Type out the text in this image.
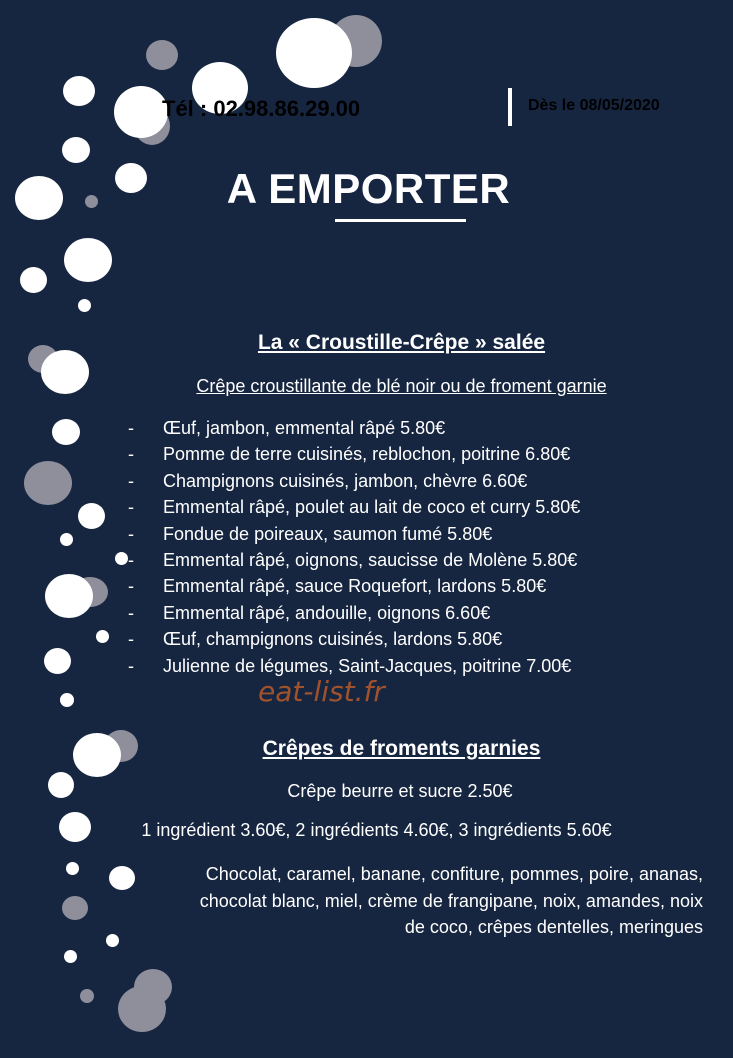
Tél : 02.98.86.29.00	Dès le 08/05/2020
A EMPORTER
La « Croustille-Crêpe » salée
Crêpe croustillante de blé noir ou de froment garnie
- Œuf, jambon, emmental râpé 5.80€
- Pomme de terre cuisinés, reblochon, poitrine 6.80€
- Champignons cuisinés, jambon, chèvre 6.60€
- Emmental râpé, poulet au lait de coco et curry 5.80€
- Fondue de poireaux, saumon fumé 5.80€
- Emmental râpé, oignons, saucisse de Molène 5.80€
- Emmental râpé, sauce Roquefort, lardons 5.80€
- Emmental râpé, andouille, oignons 6.60€
- Œuf, champignons cuisinés, lardons 5.80€
- Julienne de légumes, Saint-Jacques, poitrine 7.00€
eat-list.fr
Crêpes de froments garnies
Crêpe beurre et sucre 2.50€
1 ingrédient 3.60€, 2 ingrédients 4.60€, 3 ingrédients 5.60€
Chocolat, caramel, banane, confiture, pommes, poire, ananas,
chocolat blanc, miel, crème de frangipane, noix, amandes, noix
de coco, crêpes dentelles, meringues
